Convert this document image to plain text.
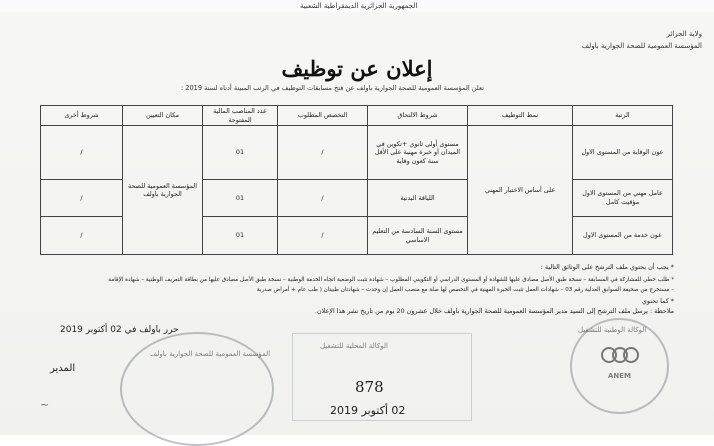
الجمهورية الجزائرية الديمقراطية الشعبية
ولاية الجزائر
المؤسسة العمومية للصحة الجوارية باولف
إعلان عن توظيف
تعلن المؤسسة العمومية للصحة الجوارية باولف عن فتح مسابقات التوظيف في الرتب المبينة أدناه لسنة 2019 :
الرتبة	نمط التوظيف	شروط الالتحاق	التخصص المطلوب	عدد المناصب المالية المفتوحة	مكان التعيين	شروط أخرى
عون الوقاية من المستوى الاول	على أساس الاختبار المهني	مستوى أولى ثانوي +تكوين في الميدان أو خبرة مهنية على الأقل سنة كعون وقاية	/	01	المؤسسة العمومية للصحة الجوارية باولف	/
عامل مهني من المستوى الاول مؤقيت كامل		اللياقة البدنية	/	01		/
عون خدمة من المستوى الاول		مستوى السنة السادسة من التعليم الاساسي	/	01		/
* يجب أن يحتوي ملف الترشح على الوثائق التالية :
* طلب خطي للمشاركة في المسابقة – نسخة طبق الأصل مصادق عليها للشهادة أو المستوى الدراسي أو التكويني المطلوب – شهادة تثبت الوضعية اتجاه الخدمة الوطنية – نسخة طبق الأصل مصادق عليها من بطاقة التعريف الوطنية – شهادة الإقامة
– مستخرج من صحيفة السوابق العدلية رقم 03 – شهادات العمل تثبت الخبرة المهنية في التخصص لها صلة مع منصب العمل إن وجدت – شهادتان طبيتان ( طب عام + أمراض صدرية
* كما تحتوي
ملاحظة : يرسل ملف الترشح إلى السيد مدير المؤسسة العمومية للصحة الجوارية باولف خلال عشرون 20 يوم من تاريخ نشر هذا الإعلان.
حرر باولف في 02 أكتوبر 2019
المؤسسة العمومية للصحة الجوارية باولف
الوكالة المحلية للتشغيل
الوكالة الوطنية للتشغيل
ANEM
المدير
~
878
02 أكتوبر 2019
